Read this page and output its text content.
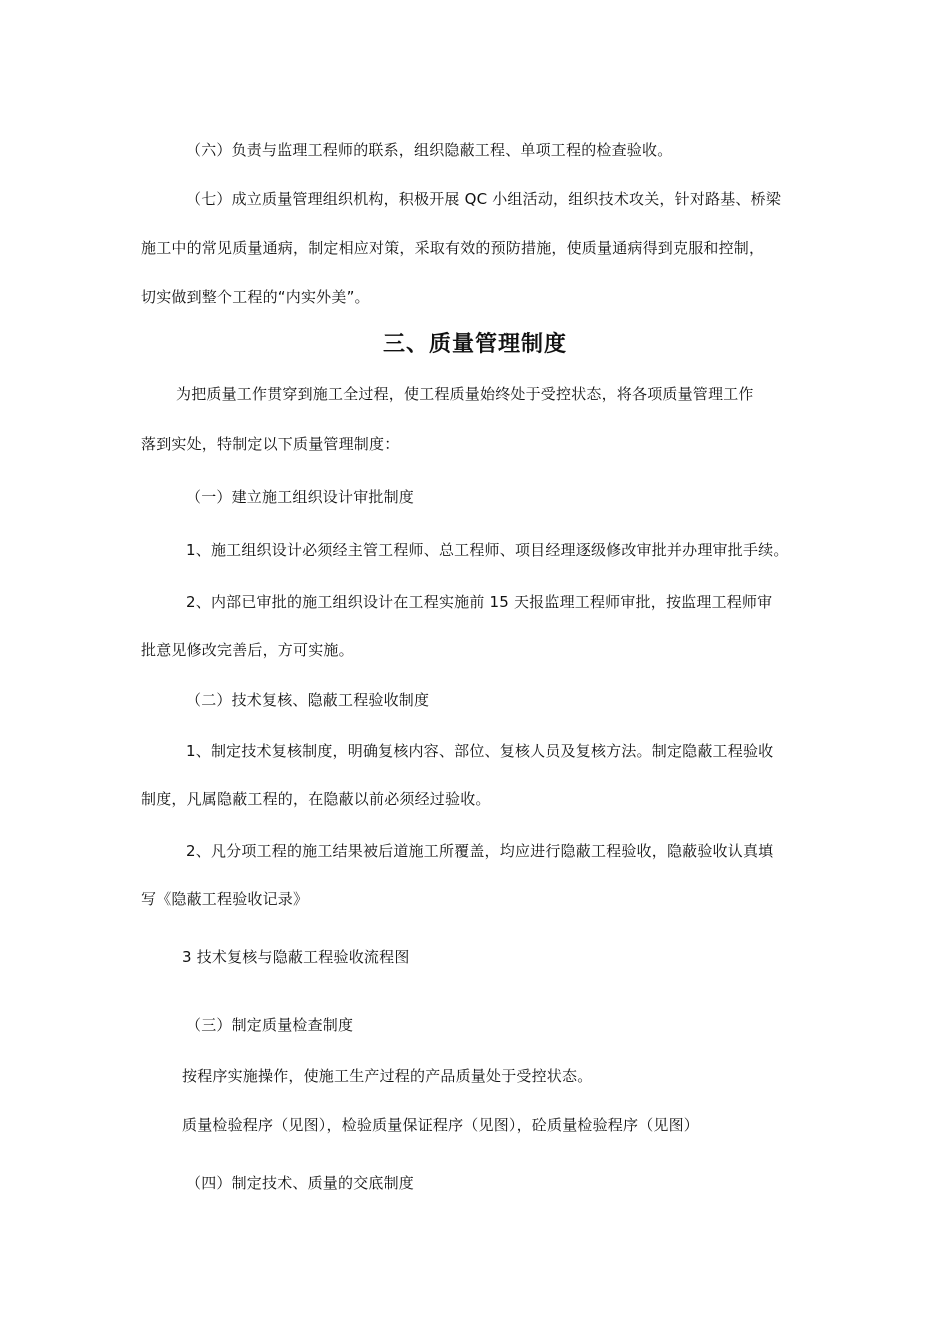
（六）负责与监理工程师的联系，组织隐蔽工程、单项工程的检查验收。
（七）成立质量管理组织机构，积极开展 QC 小组活动，组织技术攻关，针对路基、桥梁
施工中的常见质量通病，制定相应对策，采取有效的预防措施，使质量通病得到克服和控制，
切实做到整个工程的“内实外美”。
三、质量管理制度
为把质量工作贯穿到施工全过程，使工程质量始终处于受控状态，将各项质量管理工作
落到实处，特制定以下质量管理制度：
（一）建立施工组织设计审批制度
1、施工组织设计必须经主管工程师、总工程师、项目经理逐级修改审批并办理审批手续。
2、内部已审批的施工组织设计在工程实施前 15 天报监理工程师审批，按监理工程师审
批意见修改完善后，方可实施。
（二）技术复核、隐蔽工程验收制度
1、制定技术复核制度，明确复核内容、部位、复核人员及复核方法。制定隐蔽工程验收
制度，凡属隐蔽工程的，在隐蔽以前必须经过验收。
2、凡分项工程的施工结果被后道施工所覆盖，均应进行隐蔽工程验收，隐蔽验收认真填
写《隐蔽工程验收记录》
3 技术复核与隐蔽工程验收流程图
（三）制定质量检查制度
按程序实施操作，使施工生产过程的产品质量处于受控状态。
质量检验程序（见图），检验质量保证程序（见图），砼质量检验程序（见图）
（四）制定技术、质量的交底制度
